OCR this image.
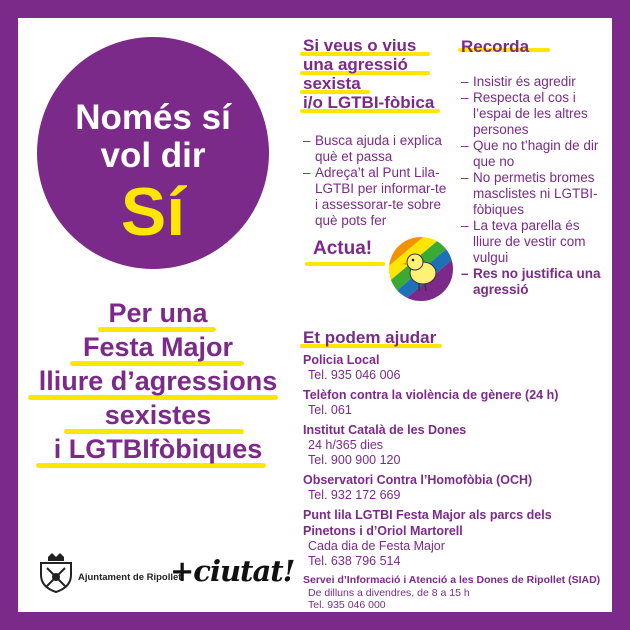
Només sí
vol dir
Sí
Per una
Festa Major
lliure d’agressions
sexistes
i LGTBIfòbiques
Si veus o vius
una agressió
sexista
i/o LGTBI-fòbica
– Busca ajuda i explica què et passa
– Adreça’t al Punt Lila-LGTBI per informar-te i assessorar-te sobre què pots fer
Actua!
Recorda
– Insistir és agredir
– Respecta el cos i l’espai de les altres persones
– Que no t’hagin de dir que no
– No permetis bromes masclistes ni LGTBI-fòbiques
– La teva parella és lliure de vestir com vulgui
– Res no justifica una agressió
Et podem ajudar
Policia Local
Tel. 935 046 006
Telèfon contra la violència de gènere (24 h)
Tel. 061
Institut Català de les Dones
24 h/365 dies
Tel. 900 900 120
Observatori Contra l’Homofòbia (OCH)
Tel. 932 172 669
Punt lila LGTBI Festa Major als parcs dels Pinetons i d’Oriol Martorell
Cada dia de Festa Major
Tel. 638 796 514
Servei d’Informació i Atenció a les Dones de Ripollet (SIAD)
De dilluns a divendres, de 8 a 15 h
Tel. 935 046 000
Ajuntament de Ripollet
+ciutat!
